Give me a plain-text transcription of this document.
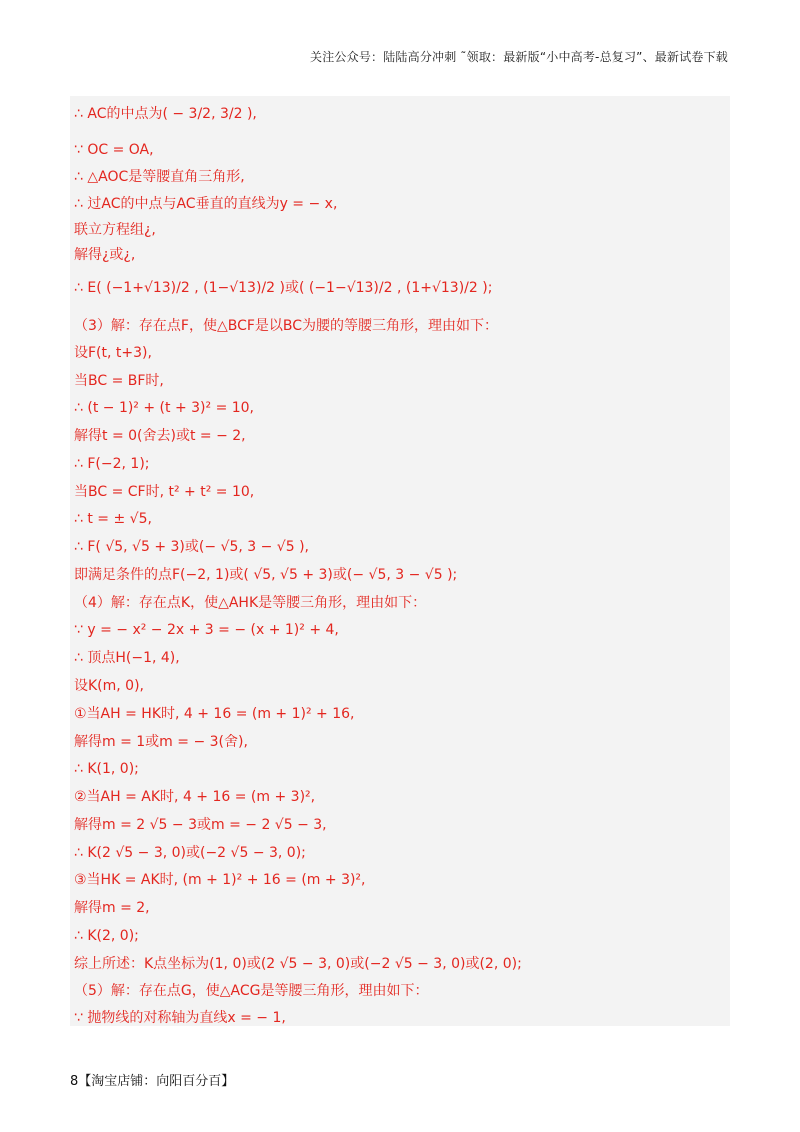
关注公众号：陆陆高分冲刺 ˜领取：最新版“小中高考-总复习”、最新试卷下载
∴ AC的中点为( − 3/2, 3/2 ),
∵ OC = OA,
∴ △AOC是等腰直角三角形,
∴ 过AC的中点与AC垂直的直线为y = − x,
联立方程组¿,
解得¿或¿,
∴ E( (−1+√13)/2 , (1−√13)/2 )或( (−1−√13)/2 , (1+√13)/2 );
（3）解：存在点F，使△BCF是以BC为腰的等腰三角形，理由如下：
设F(t, t+3),
当BC = BF时,
∴ (t − 1)² + (t + 3)² = 10,
解得t = 0(舍去)或t = − 2,
∴ F(−2, 1);
当BC = CF时, t² + t² = 10,
∴ t = ± √5,
∴ F( √5, √5 + 3)或(− √5, 3 − √5 ),
即满足条件的点F(−2, 1)或( √5, √5 + 3)或(− √5, 3 − √5 );
（4）解：存在点K，使△AHK是等腰三角形，理由如下：
∵ y = − x² − 2x + 3 = − (x + 1)² + 4,
∴ 顶点H(−1, 4),
设K(m, 0),
①当AH = HK时, 4 + 16 = (m + 1)² + 16,
解得m = 1或m = − 3(舍),
∴ K(1, 0);
②当AH = AK时, 4 + 16 = (m + 3)²,
解得m = 2 √5 − 3或m = − 2 √5 − 3,
∴ K(2 √5 − 3, 0)或(−2 √5 − 3, 0);
③当HK = AK时, (m + 1)² + 16 = (m + 3)²,
解得m = 2,
∴ K(2, 0);
综上所述：K点坐标为(1, 0)或(2 √5 − 3, 0)或(−2 √5 − 3, 0)或(2, 0);
（5）解：存在点G，使△ACG是等腰三角形，理由如下：
∵ 抛物线的对称轴为直线x = − 1,
8【淘宝店铺：向阳百分百】
